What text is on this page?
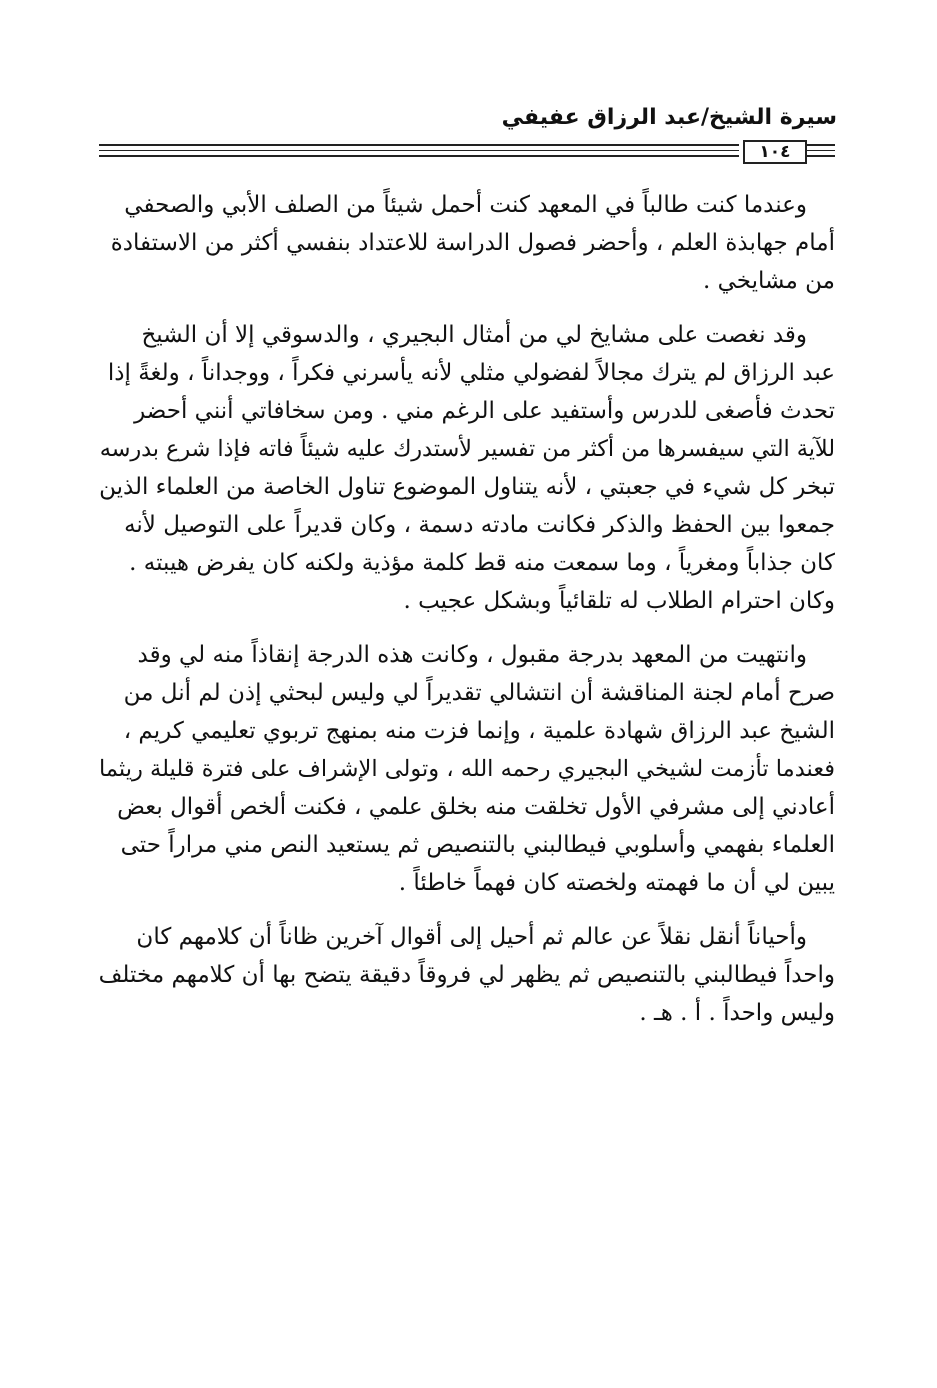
سيرة الشيخ/عبد الرزاق عفيفي
١٠٤
وعندما كنت طالباً في المعهد كنت أحمل شيئاً من الصلف الأبي والصحفي
أمام جهابذة العلم ، وأحضر فصول الدراسة للاعتداد بنفسي أكثر من الاستفادة
من مشايخي .
وقد نغصت على مشايخ لي من أمثال البجيري ، والدسوقي إلا أن الشيخ
عبد الرزاق لم يترك مجالاً لفضولي مثلي لأنه يأسرني فكراً ، ووجداناً ، ولغةً إذا
تحدث فأصغى للدرس وأستفيد على الرغم مني . ومن سخافاتي أنني أحضر
للآية التي سيفسرها من أكثر من تفسير لأستدرك عليه شيئاً فاته فإذا شرع بدرسه
تبخر كل شيء في جعبتي ، لأنه يتناول الموضوع تناول الخاصة من العلماء الذين
جمعوا بين الحفظ والذكر فكانت مادته دسمة ، وكان قديراً على التوصيل لأنه
كان جذاباً ومغرياً ، وما سمعت منه قط كلمة مؤذية ولكنه كان يفرض هيبته .
وكان احترام الطلاب له تلقائياً وبشكل عجيب .
وانتهيت من المعهد بدرجة مقبول ، وكانت هذه الدرجة إنقاذاً منه لي وقد
صرح أمام لجنة المناقشة أن انتشالي تقديراً لي وليس لبحثي إذن لم أنل من
الشيخ عبد الرزاق شهادة علمية ، وإنما فزت منه بمنهج تربوي تعليمي كريم ،
فعندما تأزمت لشيخي البجيري رحمه الله ، وتولى الإشراف على فترة قليلة ريثما
أعادني إلى مشرفي الأول تخلقت منه بخلق علمي ، فكنت ألخص أقوال بعض
العلماء بفهمي وأسلوبي فيطالبني بالتنصيص ثم يستعيد النص مني مراراً حتى
يبين لي أن ما فهمته ولخصته كان فهماً خاطئاً .
وأحياناً أنقل نقلاً عن عالم ثم أحيل إلى أقوال آخرين ظاناً أن كلامهم كان
واحداً فيطالبني بالتنصيص ثم يظهر لي فروقاً دقيقة يتضح بها أن كلامهم مختلف
وليس واحداً . أ . هـ .
